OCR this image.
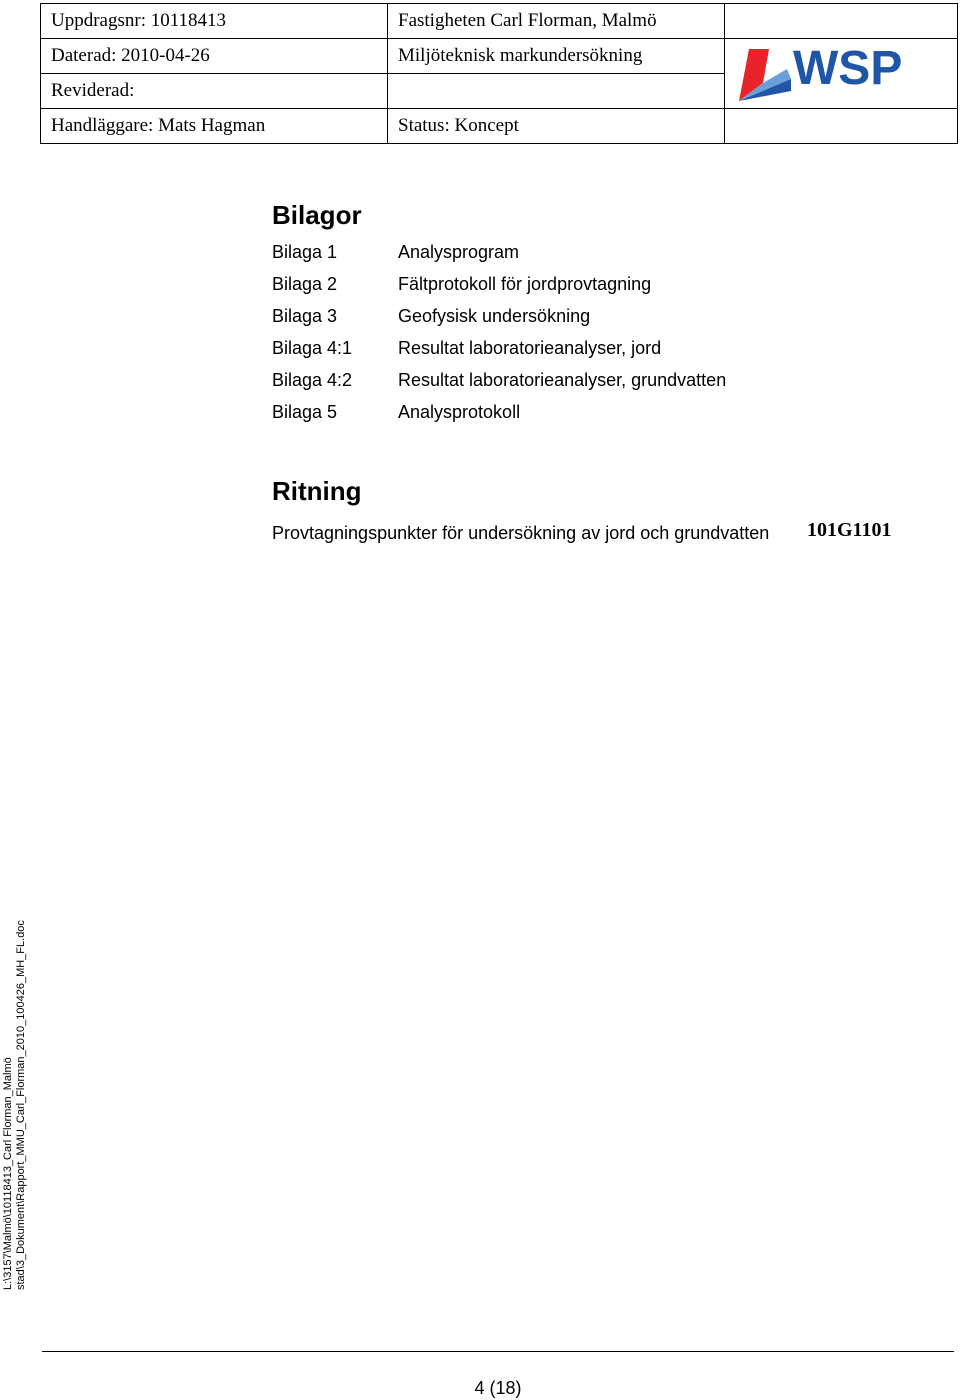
Uppdragsnr: 10118413	Fastigheten Carl Florman, Malmö	
Daterad: 2010-04-26	Miljöteknisk markundersökning	WSP

Reviderad:		
Handläggare: Mats Hagman	Status: Koncept	
Bilagor
Bilaga 1	Analysprogram
Bilaga 2	Fältprotokoll för jordprovtagning
Bilaga 3	Geofysisk undersökning
Bilaga 4:1	Resultat laboratorieanalyser, jord
Bilaga 4:2	Resultat laboratorieanalyser, grundvatten
Bilaga 5	Analysprotokoll
Ritning
Provtagningspunkter för undersökning av jord och grundvatten 101G1101
L:\3157\Malmö\10118413_Carl Florman_Malmö stad\3_Dokument\Rapport_MMU_Carl_Florman_2010_100426_MH_FL.doc
4 (18)
